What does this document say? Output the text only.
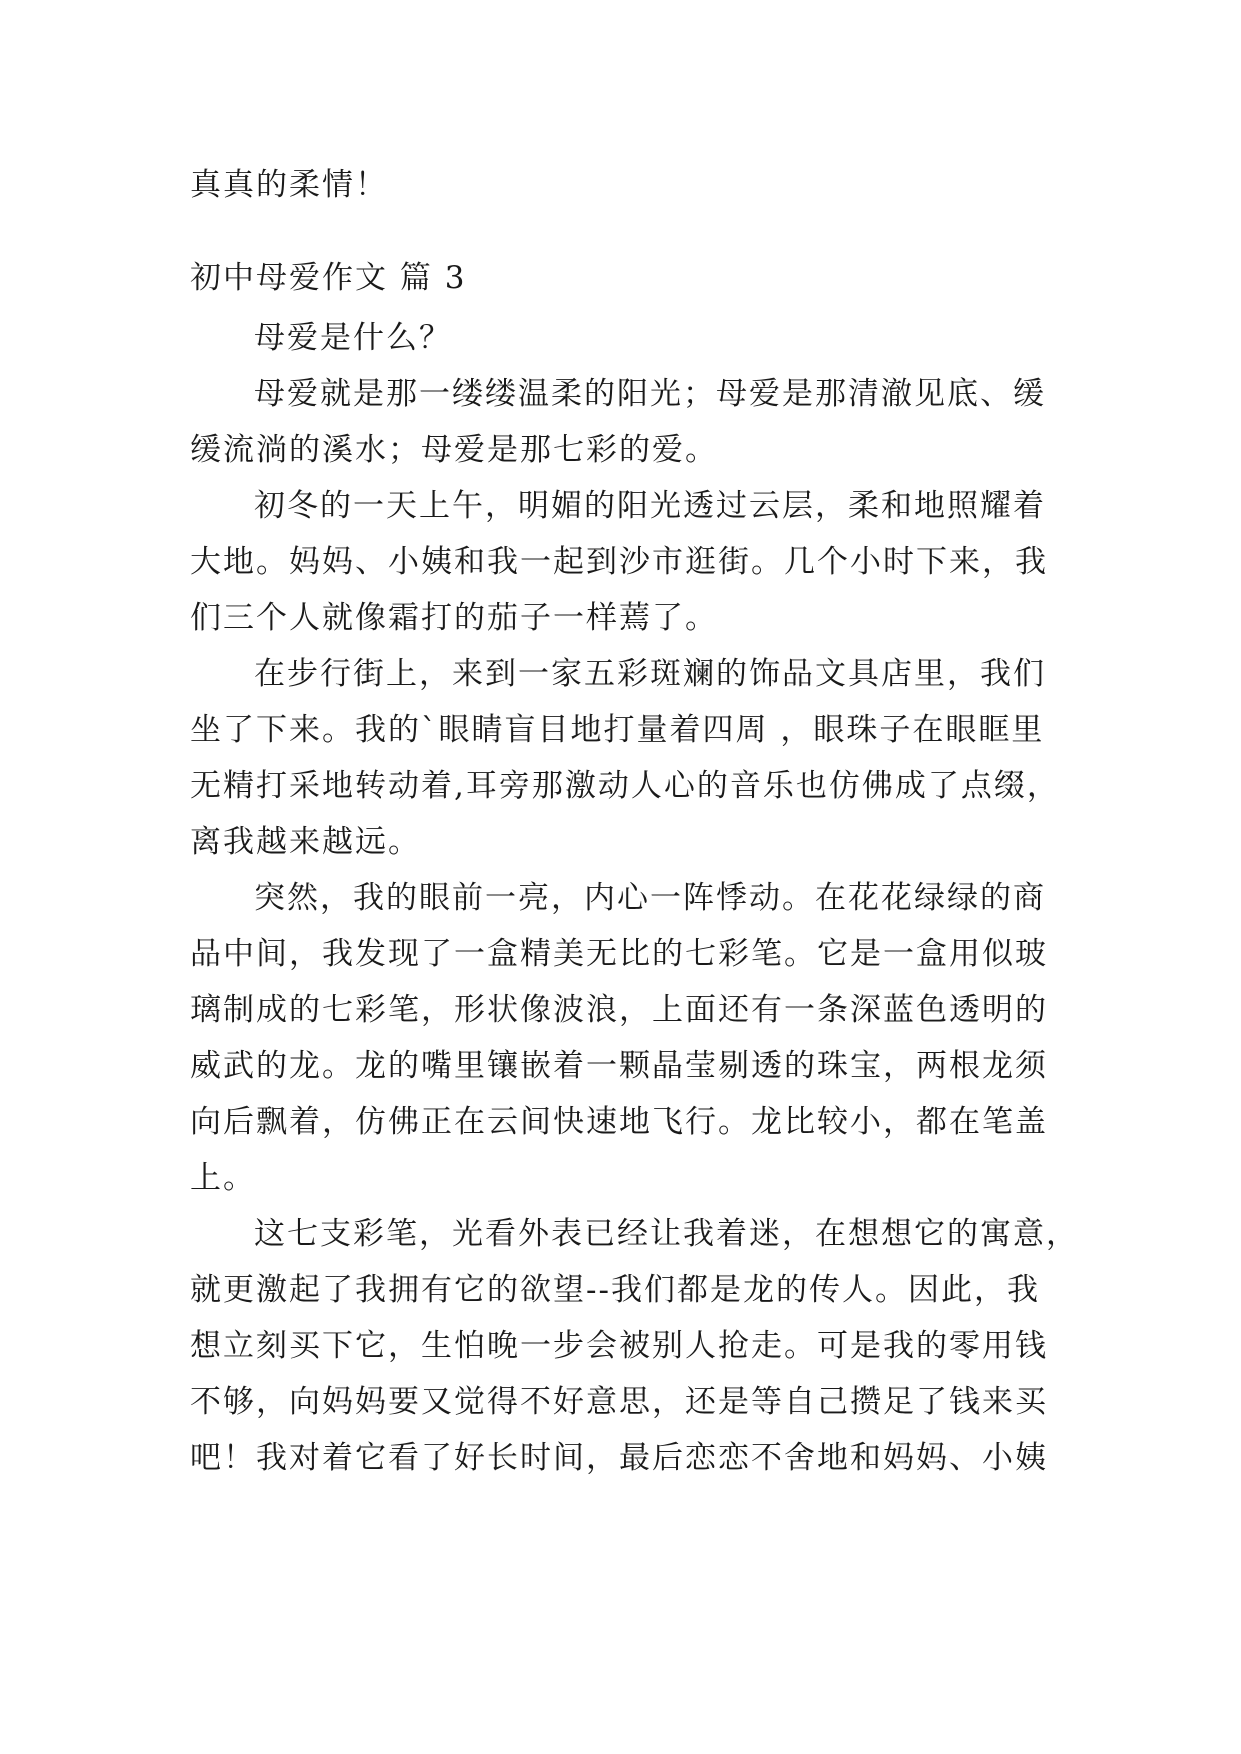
真真的柔情！
初中母爱作文 篇 3
母爱是什么？
母爱就是那一缕缕温柔的阳光；母爱是那清澈见底、缓
缓流淌的溪水；母爱是那七彩的爱。
初冬的一天上午，明媚的阳光透过云层，柔和地照耀着
大地。妈妈、小姨和我一起到沙市逛街。几个小时下来，我
们三个人就像霜打的茄子一样蔫了。
在步行街上，来到一家五彩斑斓的饰品文具店里，我们
坐了下来。我的`眼睛盲目地打量着四周 ，眼珠子在眼眶里
无精打采地转动着,耳旁那激动人心的音乐也仿佛成了点缀，
离我越来越远。
突然，我的眼前一亮，内心一阵悸动。在花花绿绿的商
品中间，我发现了一盒精美无比的七彩笔。它是一盒用似玻
璃制成的七彩笔，形状像波浪，上面还有一条深蓝色透明的
威武的龙。龙的嘴里镶嵌着一颗晶莹剔透的珠宝，两根龙须
向后飘着，仿佛正在云间快速地飞行。龙比较小，都在笔盖
上。
这七支彩笔，光看外表已经让我着迷，在想想它的寓意，
就更激起了我拥有它的欲望--我们都是龙的传人。因此，我
想立刻买下它，生怕晚一步会被别人抢走。可是我的零用钱
不够，向妈妈要又觉得不好意思，还是等自己攒足了钱来买
吧！我对着它看了好长时间，最后恋恋不舍地和妈妈、小姨
